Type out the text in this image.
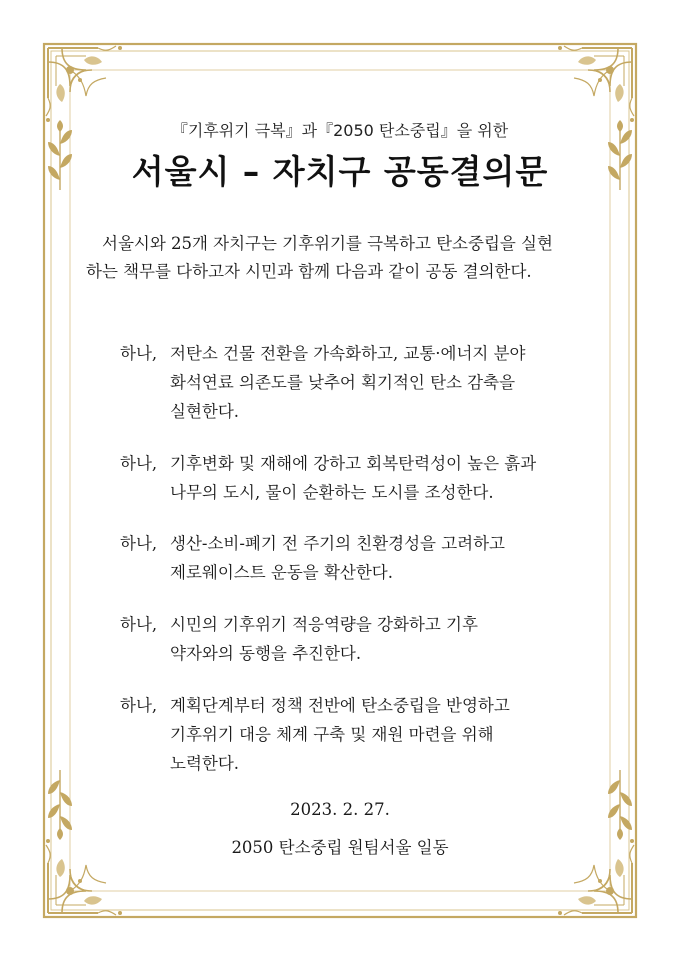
『기후위기 극복』과『2050 탄소중립』을 위한
서울시 – 자치구 공동결의문
서울시와 25개 자치구는 기후위기를 극복하고 탄소중립을 실현
하는 책무를 다하고자 시민과 함께 다음과 같이 공동 결의한다.
하나, 저탄소 건물 전환을 가속화하고, 교통·에너지 분야
화석연료 의존도를 낮추어 획기적인 탄소 감축을
실현한다.
하나, 기후변화 및 재해에 강하고 회복탄력성이 높은 흙과
나무의 도시, 물이 순환하는 도시를 조성한다.
하나, 생산-소비-폐기 전 주기의 친환경성을 고려하고
제로웨이스트 운동을 확산한다.
하나, 시민의 기후위기 적응역량을 강화하고 기후
약자와의 동행을 추진한다.
하나, 계획단계부터 정책 전반에 탄소중립을 반영하고
기후위기 대응 체계 구축 및 재원 마련을 위해
노력한다.
2023. 2. 27.
2050 탄소중립 원팀서울 일동
